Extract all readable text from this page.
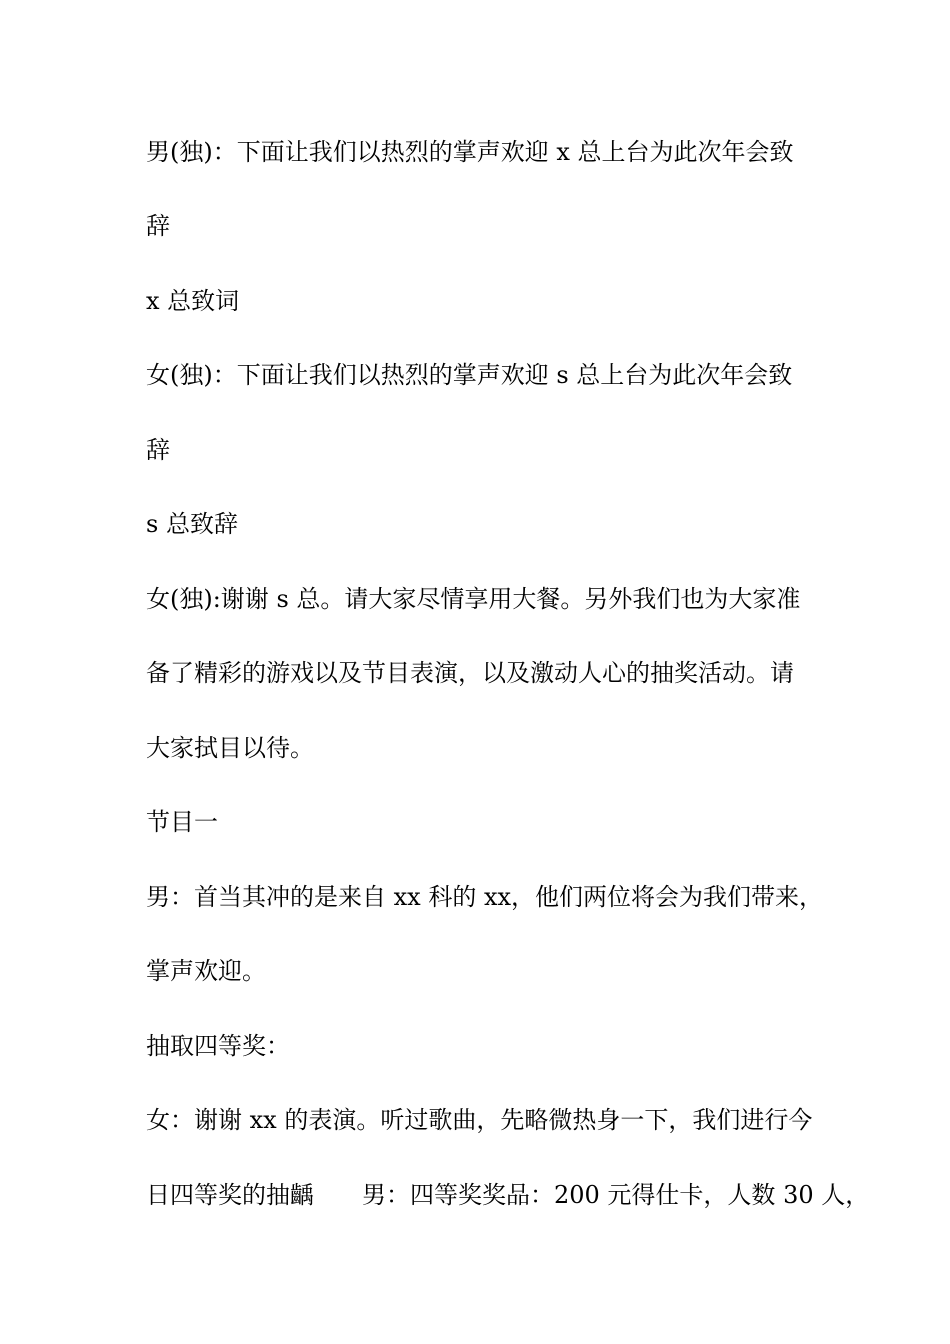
男(独)：下面让我们以热烈的掌声欢迎 x 总上台为此次年会致
辞
x 总致词
女(独)：下面让我们以热烈的掌声欢迎 s 总上台为此次年会致
辞
s 总致辞
女(独):谢谢 s 总。请大家尽情享用大餐。另外我们也为大家准
备了精彩的游戏以及节目表演，以及激动人心的抽奖活动。请
大家拭目以待。
节目一
男：首当其冲的是来自 xx 科的 xx，他们两位将会为我们带来，
掌声欢迎。
抽取四等奖：
女：谢谢 xx 的表演。听过歌曲，先略微热身一下，我们进行今
日四等奖的抽齲　　男：四等奖奖品：200 元得仕卡，人数 30 人，
